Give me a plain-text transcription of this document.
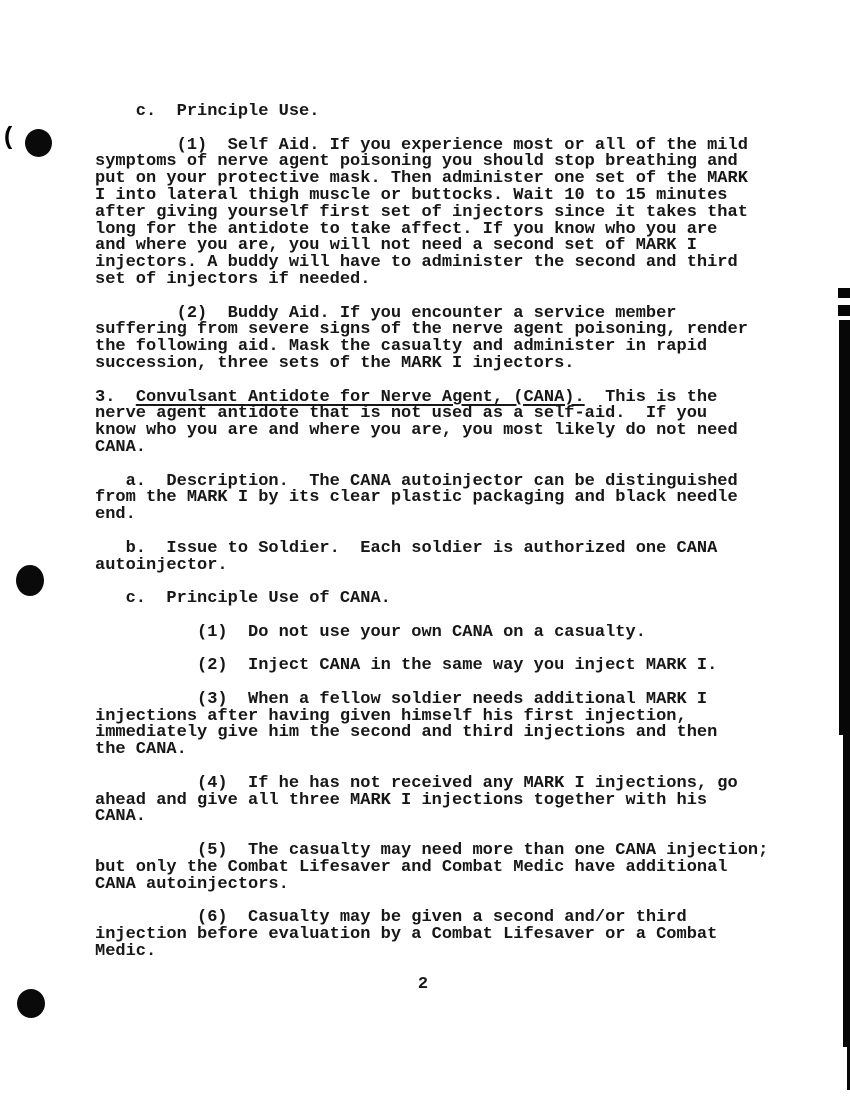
(
c.  Principle Use.
(1)  Self Aid. If you experience most or all of the mild
symptoms of nerve agent poisoning you should stop breathing and
put on your protective mask. Then administer one set of the MARK
I into lateral thigh muscle or buttocks. Wait 10 to 15 minutes
after giving yourself first set of injectors since it takes that
long for the antidote to take affect. If you know who you are
and where you are, you will not need a second set of MARK I
injectors. A buddy will have to administer the second and third
set of injectors if needed.
(2)  Buddy Aid. If you encounter a service member
suffering from severe signs of the nerve agent poisoning, render
the following aid. Mask the casualty and administer in rapid
succession, three sets of the MARK I injectors.
3.  Convulsant Antidote for Nerve Agent, (CANA).  This is the
nerve agent antidote that is not used as a self-aid.  If you
know who you are and where you are, you most likely do not need
CANA.
a.  Description.  The CANA autoinjector can be distinguished
from the MARK I by its clear plastic packaging and black needle
end.
b.  Issue to Soldier.  Each soldier is authorized one CANA
autoinjector.
c.  Principle Use of CANA.
(1)  Do not use your own CANA on a casualty.
(2)  Inject CANA in the same way you inject MARK I.
(3)  When a fellow soldier needs additional MARK I
injections after having given himself his first injection,
immediately give him the second and third injections and then
the CANA.
(4)  If he has not received any MARK I injections, go
ahead and give all three MARK I injections together with his
CANA.
(5)  The casualty may need more than one CANA injection;
but only the Combat Lifesaver and Combat Medic have additional
CANA autoinjectors.
(6)  Casualty may be given a second and/or third
injection before evaluation by a Combat Lifesaver or a Combat
Medic.
2
